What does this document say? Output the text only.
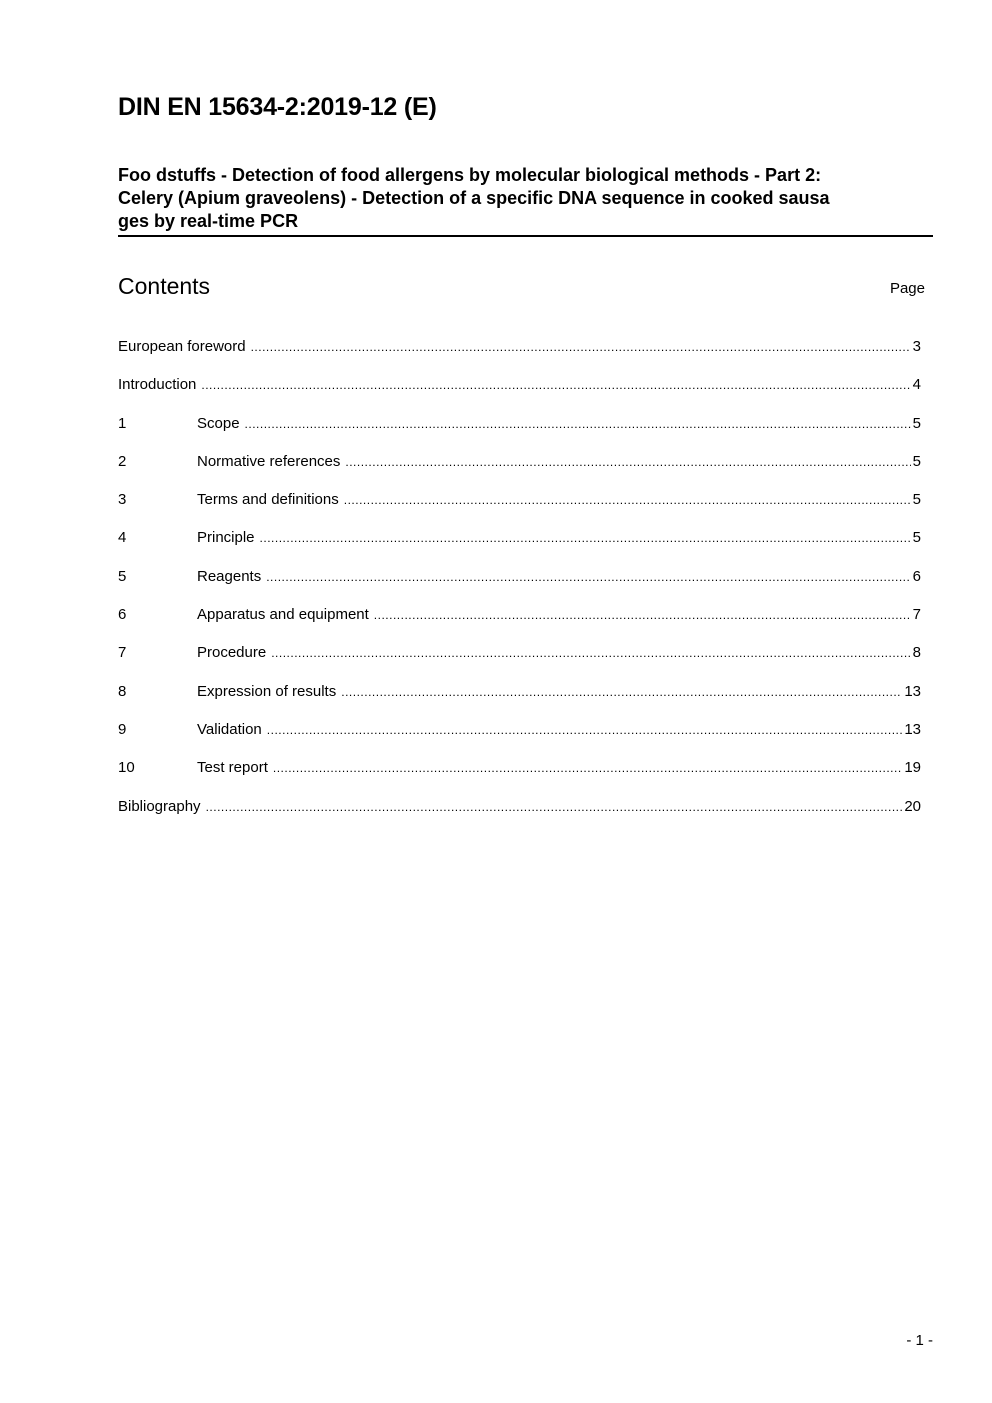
DIN EN 15634-2:2019-12 (E)
Foo dstuffs - Detection of food allergens by molecular biological methods - Part 2:
Celery (Apium graveolens) - Detection of a specific DNA sequence in cooked sausa
ges by real-time PCR
Contents	Page
European foreword .....	3
Introduction .....	4
1	Scope .....	5
2	Normative references .....	5
3	Terms and definitions .....	5
4	Principle .....	5
5	Reagents .....	6
6	Apparatus and equipment .....	7
7	Procedure .....	8
8	Expression of results .....	13
9	Validation .....	13
10	Test report .....	19
Bibliography .....	20
- 1 -
